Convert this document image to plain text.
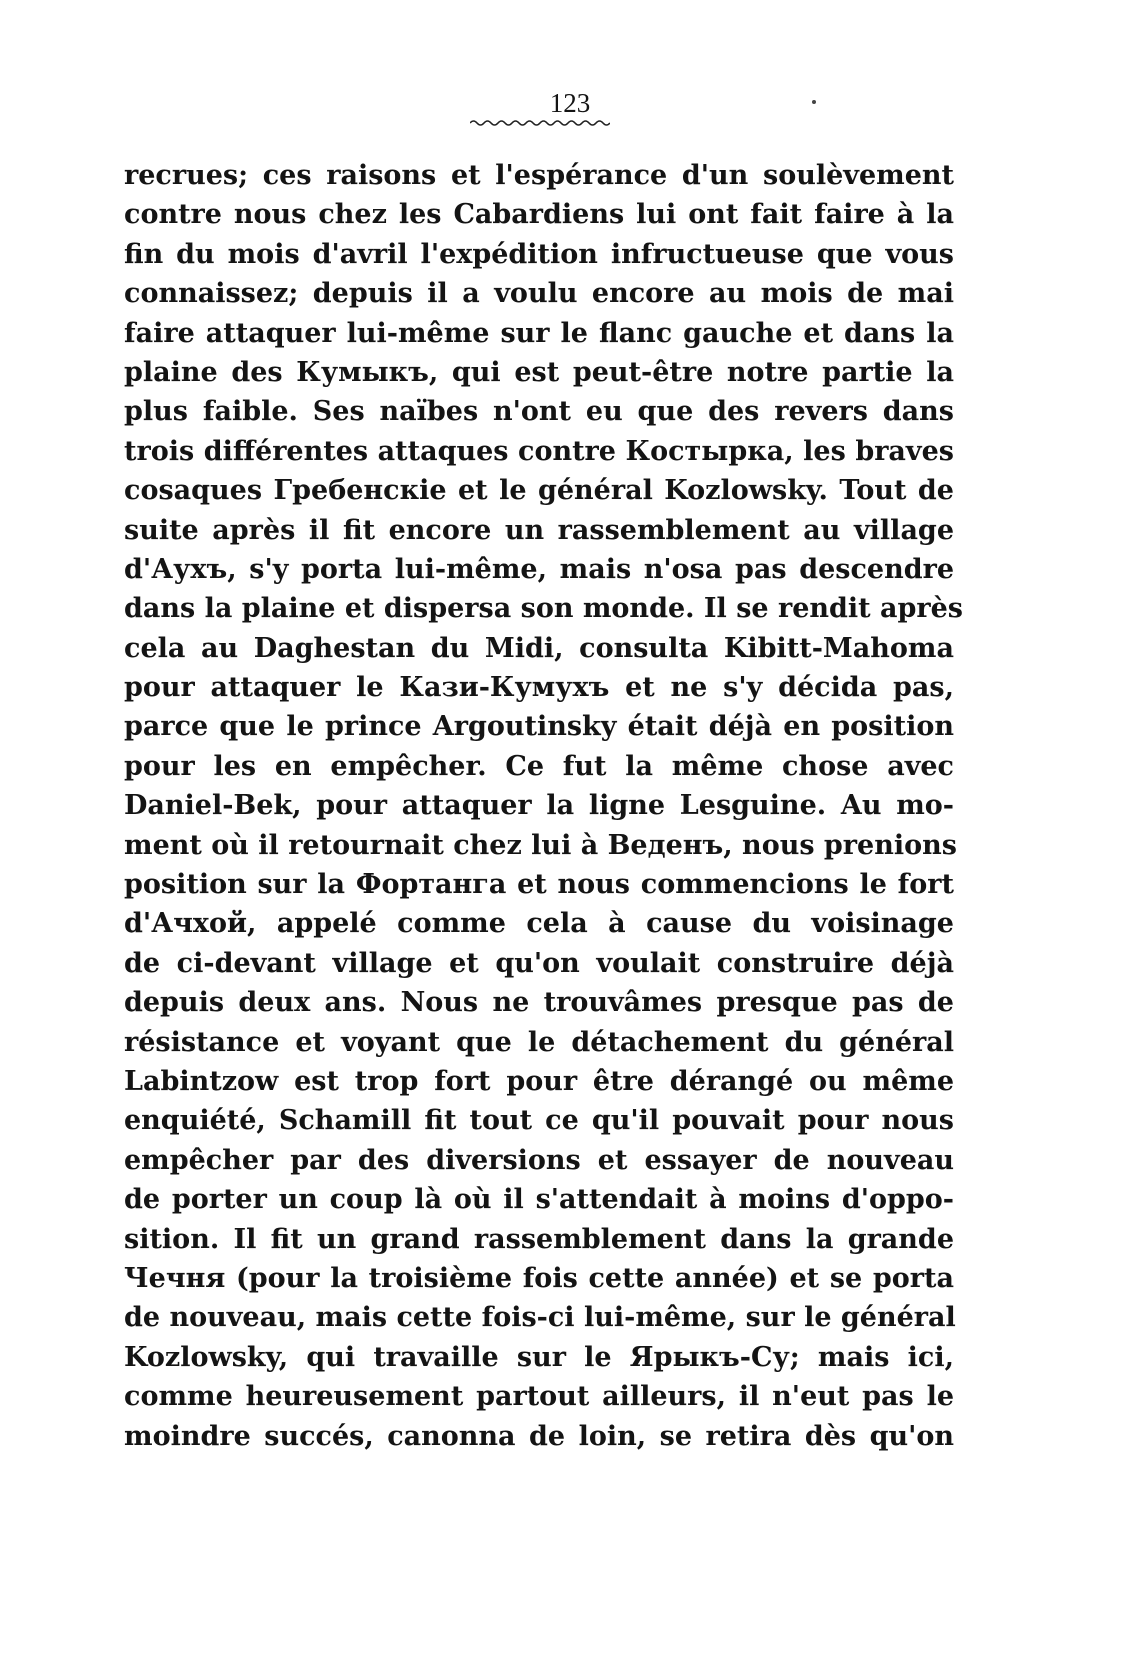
123
recrues; ces raisons et l'espérance d'un soulèvement
contre nous chez les Cabardiens lui ont fait faire à la
fin du mois d'avril l'expédition infructueuse que vous
connaissez; depuis il a voulu encore au mois de mai
faire attaquer lui-même sur le flanc gauche et dans la
plaine des Кумыкъ, qui est peut-être notre partie la
plus faible. Ses naïbes n'ont eu que des revers dans
trois différentes attaques contre Костырка, les braves
cosaques Гребенскіе et le général Kozlowsky. Tout de
suite après il fit encore un rassemblement au village
d'Аухъ, s'y porta lui-même, mais n'osa pas descendre
dans la plaine et dispersa son monde. Il se rendit après
cela au Daghestan du Midi, consulta Kibitt-Mahoma
pour attaquer le Кази-Кумухъ et ne s'y décida pas,
parce que le prince Argoutinsky était déjà en position
pour les en empêcher. Ce fut la même chose avec
Daniel-Bek, pour attaquer la ligne Lesguine. Au mo-
ment où il retournait chez lui à Веденъ, nous prenions
position sur la Фортанга et nous commencions le fort
d'Ачхой, appelé comme cela à cause du voisinage
de ci-devant village et qu'on voulait construire déjà
depuis deux ans. Nous ne trouvâmes presque pas de
résistance et voyant que le détachement du général
Labintzow est trop fort pour être dérangé ou même
enquiété, Schamill fit tout ce qu'il pouvait pour nous
empêcher par des diversions et essayer de nouveau
de porter un coup là où il s'attendait à moins d'oppo-
sition. Il fit un grand rassemblement dans la grande
Чечня (pour la troisième fois cette année) et se porta
de nouveau, mais cette fois-ci lui-même, sur le général
Kozlowsky, qui travaille sur le Ярыкъ-Су; mais ici,
comme heureusement partout ailleurs, il n'eut pas le
moindre succés, canonna de loin, se retira dès qu'on
